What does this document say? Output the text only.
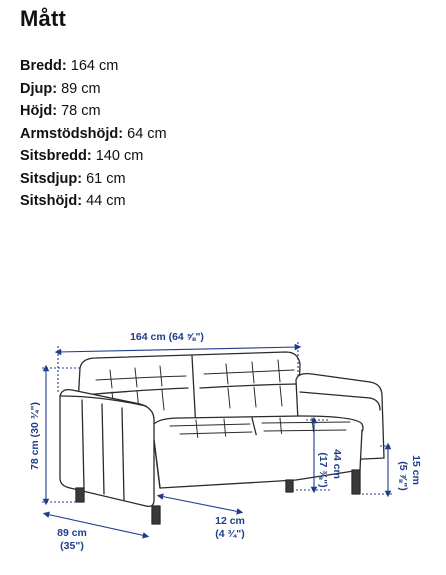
Mått
Bredd: 164 cm
Djup: 89 cm
Höjd: 78 cm
Armstödshöjd: 64 cm
Sitsbredd: 140 cm
Sitsdjup: 61 cm
Sitshöjd: 44 cm
164 cm (64 ⅝")
78 cm (30 ¾")
89 cm
(35")
12 cm
(4 ¾")
44 cm
(17 ⅜")	15 cm
(5 ⅞")
